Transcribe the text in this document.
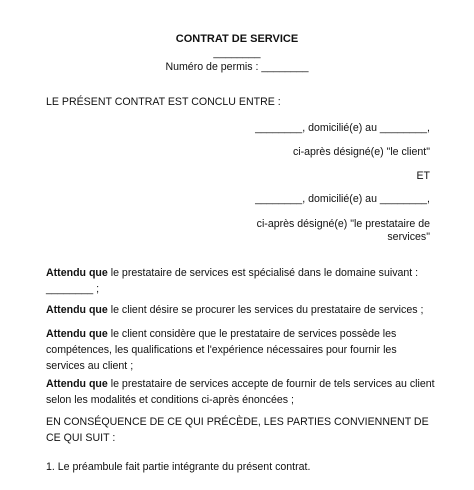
CONTRAT DE SERVICE
________
Numéro de permis : ________
LE PRÉSENT CONTRAT EST CONCLU ENTRE :
________, domicilié(e) au ________,
ci-après désigné(e) "le client"
ET
________, domicilié(e) au ________,
ci-après désigné(e) "le prestataire de
services"
Attendu que le prestataire de services est spécialisé dans le domaine suivant : ________ ;
Attendu que le client désire se procurer les services du prestataire de services ;
Attendu que le client considère que le prestataire de services possède les compétences, les qualifications et l'expérience nécessaires pour fournir les services au client ;
Attendu que le prestataire de services accepte de fournir de tels services au client selon les modalités et conditions ci-après énoncées ;
EN CONSÉQUENCE DE CE QUI PRÉCÈDE, LES PARTIES CONVIENNENT DE CE QUI SUIT :
1. Le préambule fait partie intégrante du présent contrat.
